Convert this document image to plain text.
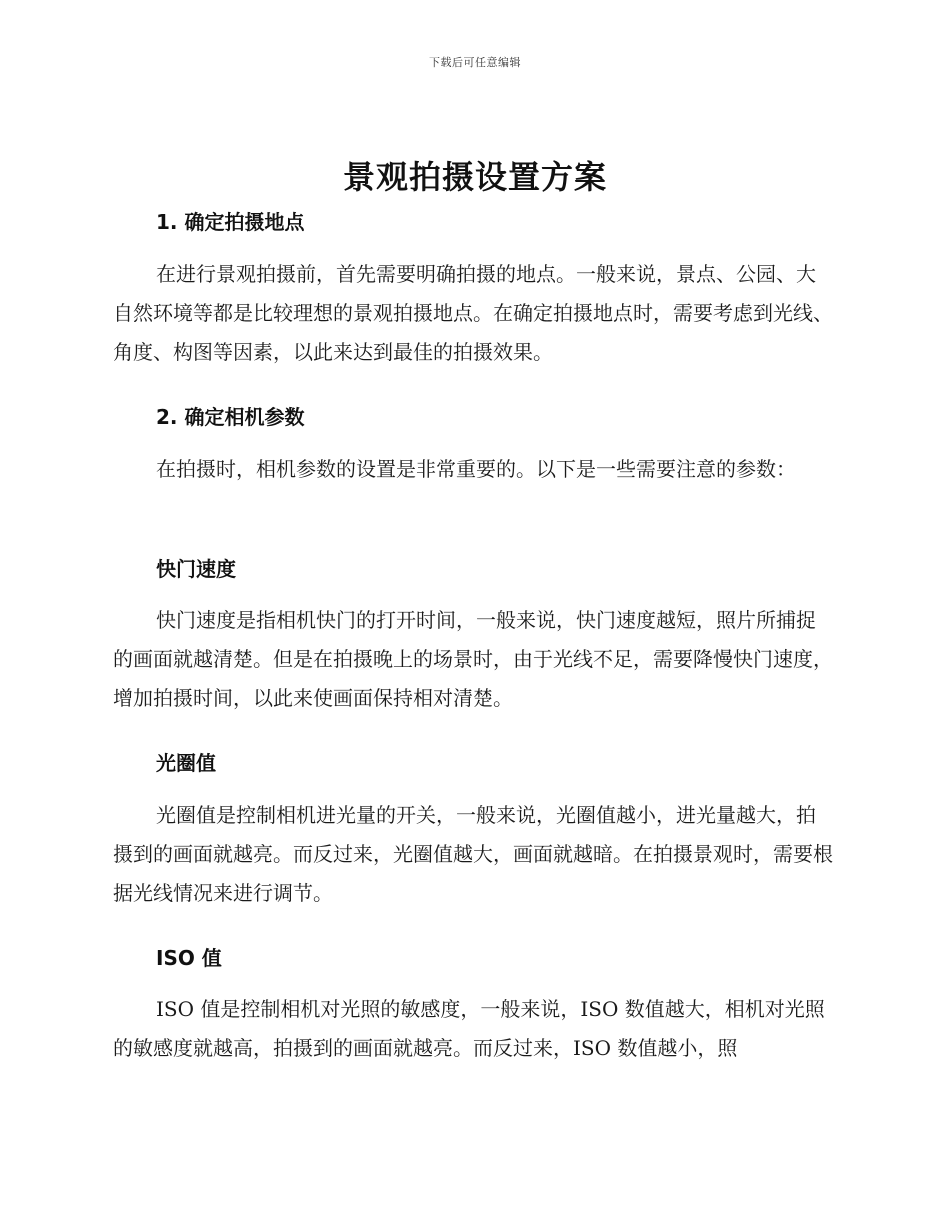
下载后可任意编辑
景观拍摄设置方案
1. 确定拍摄地点
在进行景观拍摄前，首先需要明确拍摄的地点。一般来说，景点、公园、大自然环境等都是比较理想的景观拍摄地点。在确定拍摄地点时，需要考虑到光线、角度、构图等因素，以此来达到最佳的拍摄效果。
2. 确定相机参数
在拍摄时，相机参数的设置是非常重要的。以下是一些需要注意的参数：
快门速度
快门速度是指相机快门的打开时间，一般来说，快门速度越短，照片所捕捉的画面就越清楚。但是在拍摄晚上的场景时，由于光线不足，需要降慢快门速度，增加拍摄时间，以此来使画面保持相对清楚。
光圈值
光圈值是控制相机进光量的开关，一般来说，光圈值越小，进光量越大，拍摄到的画面就越亮。而反过来，光圈值越大，画面就越暗。在拍摄景观时，需要根据光线情况来进行调节。
ISO 值
ISO 值是控制相机对光照的敏感度，一般来说，ISO 数值越大，相机对光照的敏感度就越高，拍摄到的画面就越亮。而反过来，ISO 数值越小，照
